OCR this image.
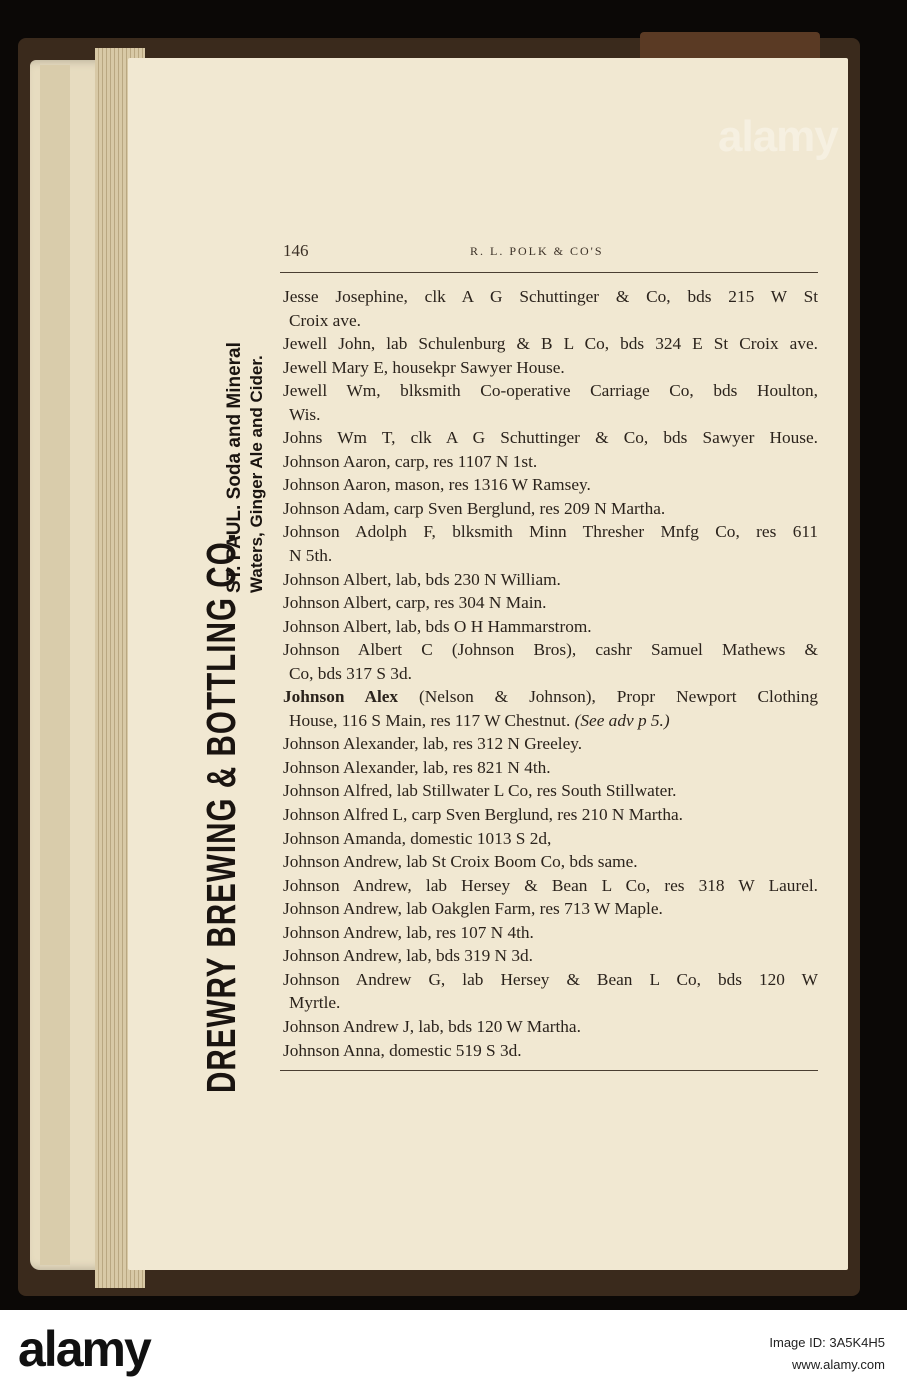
DREWRY BREWING & BOTTLING CO.
ST. PAUL. Soda and Mineral Waters, Ginger Ale and Cider.
146	R. L. POLK & CO'S
Jesse Josephine, clk A G Schuttinger & Co, bds 215 W St
Croix ave.
Jewell John, lab Schulenburg & B L Co, bds 324 E St Croix ave.
Jewell Mary E, housekpr Sawyer House.
Jewell Wm, blksmith Co-operative Carriage Co, bds Houlton,
Wis.
Johns Wm T, clk A G Schuttinger & Co, bds Sawyer House.
Johnson Aaron, carp, res 1107 N 1st.
Johnson Aaron, mason, res 1316 W Ramsey.
Johnson Adam, carp Sven Berglund, res 209 N Martha.
Johnson Adolph F, blksmith Minn Thresher Mnfg Co, res 611
N 5th.
Johnson Albert, lab, bds 230 N William.
Johnson Albert, carp, res 304 N Main.
Johnson Albert, lab, bds O H Hammarstrom.
Johnson Albert C (Johnson Bros), cashr Samuel Mathews &
Co, bds 317 S 3d.
Johnson Alex (Nelson & Johnson), Propr Newport Clothing
House, 116 S Main, res 117 W Chestnut. (See adv p 5.)
Johnson Alexander, lab, res 312 N Greeley.
Johnson Alexander, lab, res 821 N 4th.
Johnson Alfred, lab Stillwater L Co, res South Stillwater.
Johnson Alfred L, carp Sven Berglund, res 210 N Martha.
Johnson Amanda, domestic 1013 S 2d,
Johnson Andrew, lab St Croix Boom Co, bds same.
Johnson Andrew, lab Hersey & Bean L Co, res 318 W Laurel.
Johnson Andrew, lab Oakglen Farm, res 713 W Maple.
Johnson Andrew, lab, res 107 N 4th.
Johnson Andrew, lab, bds 319 N 3d.
Johnson Andrew G, lab Hersey & Bean L Co, bds 120 W
Myrtle.
Johnson Andrew J, lab, bds 120 W Martha.
Johnson Anna, domestic 519 S 3d.
alamy
alamy	Image ID: 3A5K4H5
www.alamy.com
